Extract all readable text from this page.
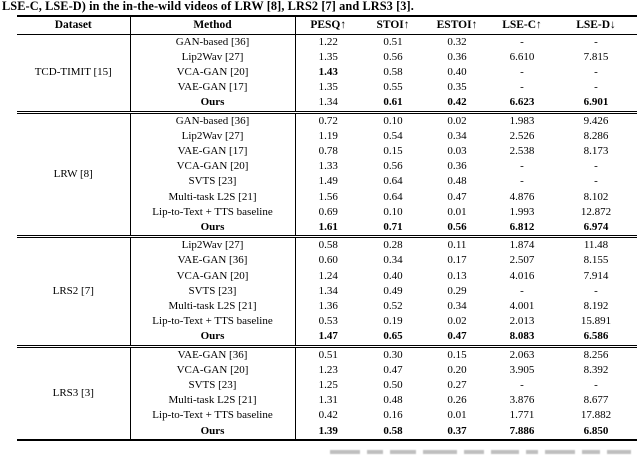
LSE-C, LSE-D) in the in-the-wild videos of LRW [8], LRS2 [7] and LRS3 [3].
Dataset	Method	PESQ↑	STOI↑	ESTOI↑	LSE-C↑	LSE-D↓
TCD-TIMIT [15]	GAN-based [36]	1.22	0.51	0.32	-	-
	Lip2Wav [27]	1.35	0.56	0.36	6.610	7.815
	VCA-GAN [20]	1.43	0.58	0.40	-	-
	VAE-GAN [17]	1.35	0.55	0.35	-	-
	Ours	1.34	0.61	0.42	6.623	6.901
LRW [8]	GAN-based [36]	0.72	0.10	0.02	1.983	9.426
	Lip2Wav [27]	1.19	0.54	0.34	2.526	8.286
	VAE-GAN [17]	0.78	0.15	0.03	2.538	8.173
	VCA-GAN [20]	1.33	0.56	0.36	-	-
	SVTS [23]	1.49	0.64	0.48	-	-
	Multi-task L2S [21]	1.56	0.64	0.47	4.876	8.102
	Lip-to-Text + TTS baseline	0.69	0.10	0.01	1.993	12.872
	Ours	1.61	0.71	0.56	6.812	6.974
LRS2 [7]	Lip2Wav [27]	0.58	0.28	0.11	1.874	11.48
	VAE-GAN [36]	0.60	0.34	0.17	2.507	8.155
	VCA-GAN [20]	1.24	0.40	0.13	4.016	7.914
	SVTS [23]	1.34	0.49	0.29	-	-
	Multi-task L2S [21]	1.36	0.52	0.34	4.001	8.192
	Lip-to-Text + TTS baseline	0.53	0.19	0.02	2.013	15.891
	Ours	1.47	0.65	0.47	8.083	6.586
LRS3 [3]	VAE-GAN [36]	0.51	0.30	0.15	2.063	8.256
	VCA-GAN [20]	1.23	0.47	0.20	3.905	8.392
	SVTS [23]	1.25	0.50	0.27	-	-
	Multi-task L2S [21]	1.31	0.48	0.26	3.876	8.677
	Lip-to-Text + TTS baseline	0.42	0.16	0.01	1.771	17.882
	Ours	1.39	0.58	0.37	7.886	6.850
